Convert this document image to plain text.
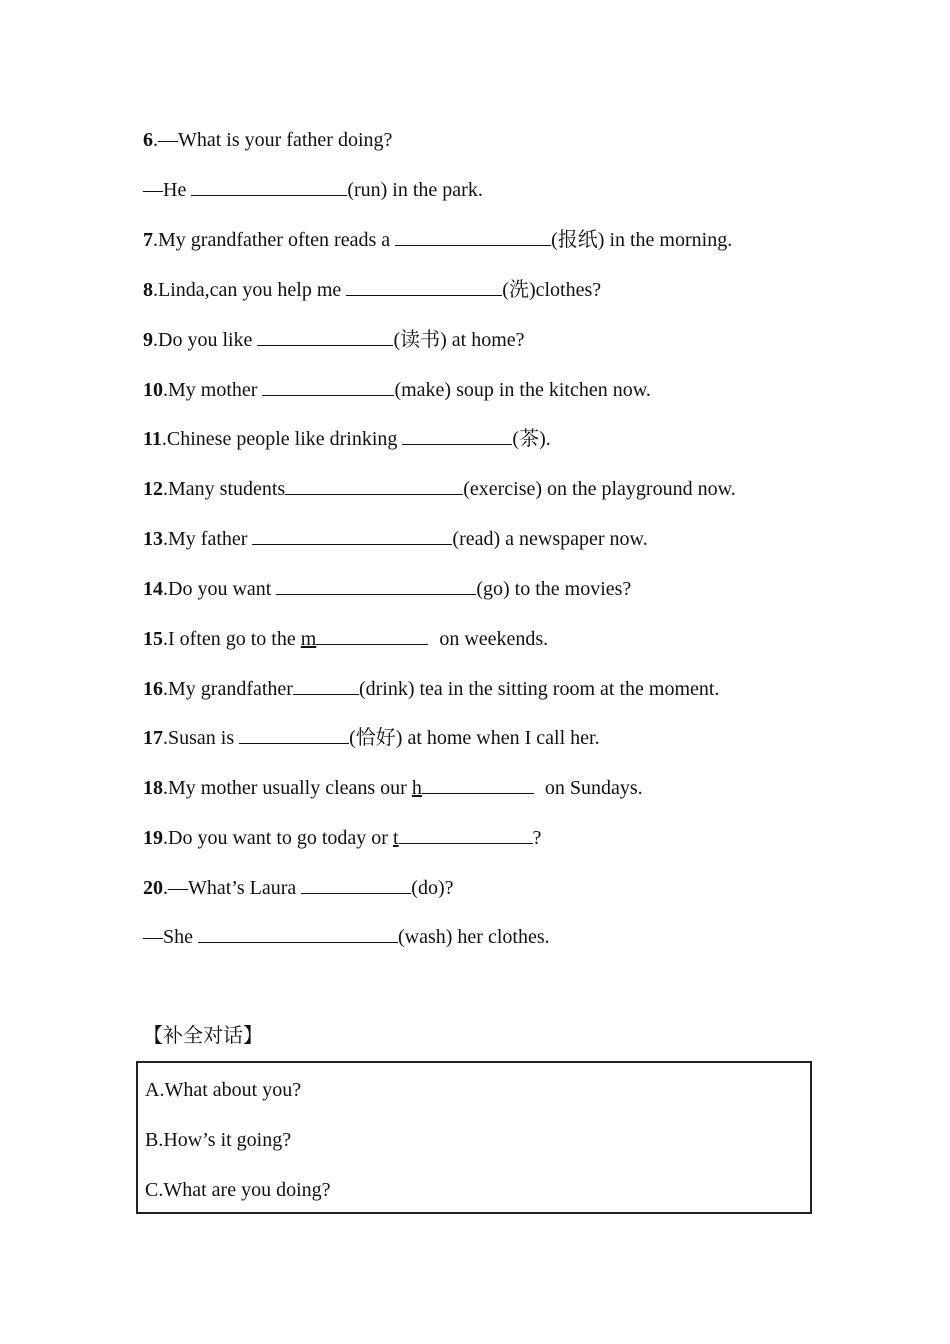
6.—What is your father doing?
—He	(run) in the park.
7.My grandfather often reads a	(报纸) in the morning.
8.Linda,can you help me	(洗)clothes?
9.Do you like	(读书) at home?
10.My mother	(make) soup in the kitchen now.
11.Chinese people like drinking	(茶).
12.Many students	(exercise) on the playground now.
13.My father	(read) a newspaper now.
14.Do you want	(go) to the movies?
15.I often go to the m	on weekends.
16.My grandfather	(drink) tea in the sitting room at the moment.
17.Susan is	(恰好) at home when I call her.
18.My mother usually cleans our h	on Sundays.
19.Do you want to go today or t	?
20.—What’s Laura	(do)?
—She	(wash) her clothes.
【补全对话】
A.What about you?
B.How’s it going?
C.What are you doing?
